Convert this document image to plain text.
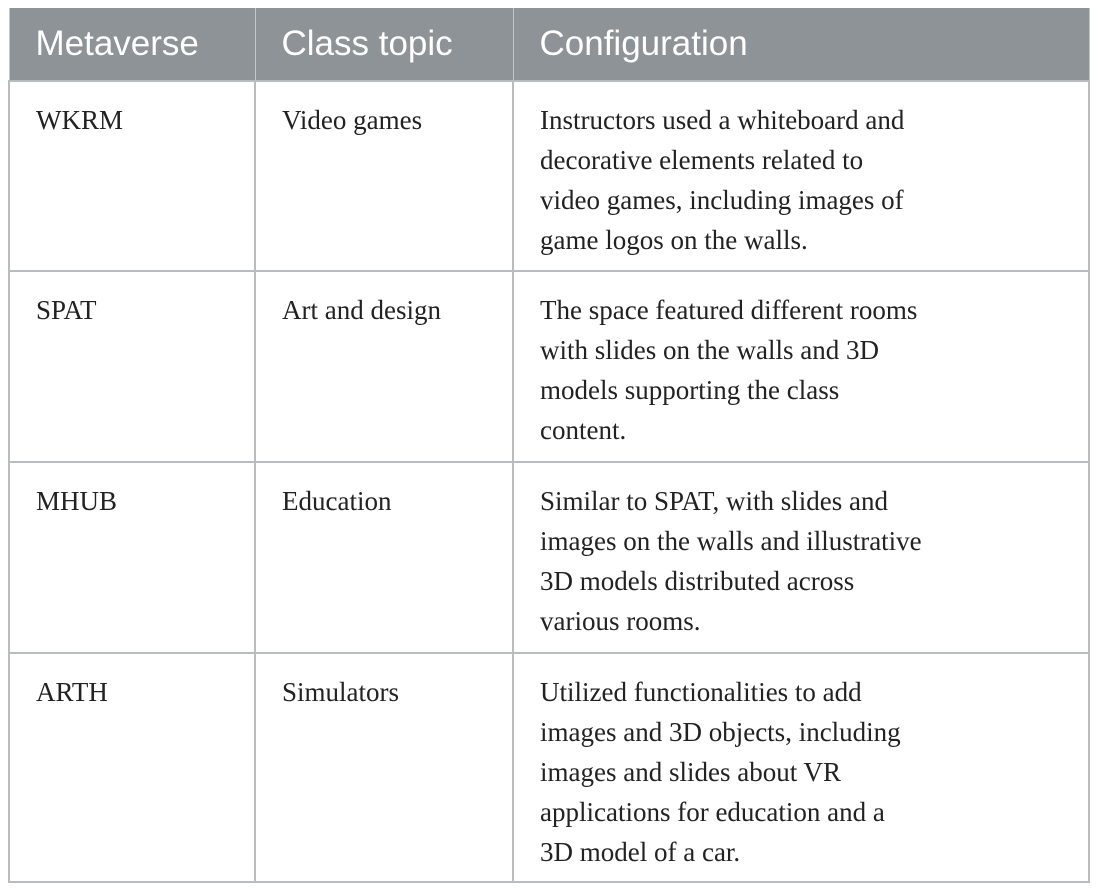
Metaverse	Class topic	Configuration
WKRM	Video games	Instructors used a whiteboard and
decorative elements related to
video games, including images of
game logos on the walls.

SPAT	Art and design	The space featured different rooms
with slides on the walls and 3D
models supporting the class
content.

MHUB	Education	Similar to SPAT, with slides and
images on the walls and illustrative
3D models distributed across
various rooms.

ARTH	Simulators	Utilized functionalities to add
images and 3D objects, including
images and slides about VR
applications for education and a
3D model of a car.
